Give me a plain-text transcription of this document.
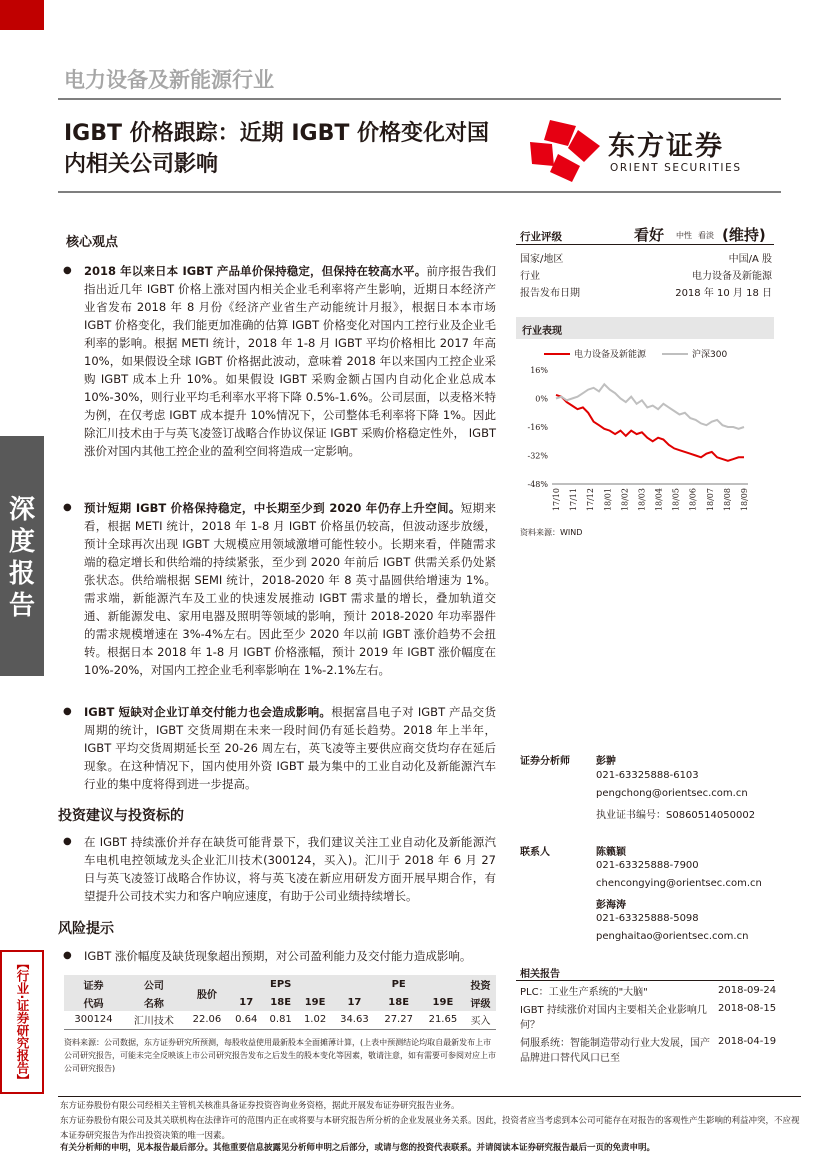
深度报告
【行业·证券研究报告】
电力设备及新能源行业
IGBT 价格跟踪：近期 IGBT 价格变化对国内相关公司影响
东方证券
ORIENT SECURITIES
核心观点
●	2018 年以来日本 IGBT 产品单价保持稳定，但保持在较高水平。前序报告我们指出近几年 IGBT 价格上涨对国内相关企业毛利率将产生影响，近期日本经济产业省发布 2018 年 8 月份《经济产业省生产动能统计月报》，根据日本本市场 IGBT 价格变化，我们能更加准确的估算 IGBT 价格变化对国内工控行业及企业毛利率的影响。根据 METI 统计，2018 年 1-8 月 IGBT 平均价格相比 2017 年高 10%，如果假设全球 IGBT 价格据此波动，意味着 2018 年以来国内工控企业采购 IGBT 成本上升 10%。如果假设 IGBT 采购金额占国内自动化企业总成本 10%-30%，则行业平均毛利率水平将下降 0.5%-1.6%。公司层面，以麦格米特为例，在仅考虑 IGBT 成本提升 10%情况下，公司整体毛利率将下降 1%。因此除汇川技术由于与英飞凌签订战略合作协议保证 IGBT 采购价格稳定性外， IGBT 涨价对国内其他工控企业的盈利空间将造成一定影响。
●	预计短期 IGBT 价格保持稳定，中长期至少到 2020 年仍存上升空间。短期来看，根据 METI 统计，2018 年 1-8 月 IGBT 价格虽仍较高，但波动逐步放缓，预计全球再次出现 IGBT 大规模应用领域激增可能性较小。长期来看，伴随需求端的稳定增长和供给端的持续紧张，至少到 2020 年前后 IGBT 供需关系仍处紧张状态。供给端根据 SEMI 统计，2018-2020 年 8 英寸晶圆供给增速为 1%。需求端，新能源汽车及工业的快速发展推动 IGBT 需求量的增长，叠加轨道交通、新能源发电、家用电器及照明等领域的影响，预计 2018-2020 年功率器件的需求规模增速在 3%-4%左右。因此至少 2020 年以前 IGBT 涨价趋势不会扭转。根据日本 2018 年 1-8 月 IGBT 价格涨幅，预计 2019 年 IGBT 涨价幅度在 10%-20%，对国内工控企业毛利率影响在 1%-2.1%左右。
●	IGBT 短缺对企业订单交付能力也会造成影响。根据富昌电子对 IGBT 产品交货周期的统计，IGBT 交货周期在未来一段时间仍有延长趋势。2018 年上半年，IGBT 平均交货周期延长至 20-26 周左右，英飞凌等主要供应商交货均存在延后现象。在这种情况下，国内使用外资 IGBT 最为集中的工业自动化及新能源汽车行业的集中度将得到进一步提高。
投资建议与投资标的
●	在 IGBT 持续涨价并存在缺货可能背景下，我们建议关注工业自动化及新能源汽车电机电控领域龙头企业汇川技术(300124，买入)。汇川于 2018 年 6 月 27 日与英飞凌签订战略合作协议，将与英飞凌在新应用研发方面开展早期合作，有望提升公司技术实力和客户响应速度，有助于公司业绩持续增长。
风险提示
●	IGBT 涨价幅度及缺货现象超出预期，对公司盈利能力及交付能力造成影响。
证券	公司	股价	EPS			PE			投资
代码	名称		17	18E	19E	17	18E	19E	评级
300124	汇川技术	22.06	0.64	0.81	1.02	34.63	27.27	21.65	买入
资料来源：公司数据，东方证券研究所预测，每股收益使用最新股本全面摊薄计算，(上表中预测结论均取自最新发布上市公司研究报告，可能未完全反映该上市公司研究报告发布之后发生的股本变化等因素，敬请注意，如有需要可参阅对应上市公司研究报告)
行业评级	看好 中性 看淡 (维持)
国家/地区	中国/A 股
行业	电力设备及新能源
报告发布日期	2018 年 10 月 18 日
行业表现
电力设备及新能源	沪深300
16%
0%
-16%
-32%
-48%
17/10 17/11 17/12 18/01 18/02 18/03 18/04 18/05 18/06 18/07 18/08 18/09
资料来源：WIND
证券分析师	彭翀
021-63325888-6103
pengchong@orientsec.com.cn
执业证书编号：S0860514050002
联系人	陈籁颖
021-63325888-7900
chencongying@orientsec.com.cn
彭海涛
021-63325888-5098
penghaitao@orientsec.com.cn
相关报告
PLC：工业生产系统的"大脑"	2018-09-24
IGBT 持续涨价对国内主要相关企业影响几何？
2018-08-15
伺服系统：智能制造带动行业大发展，国产品牌进口替代风口已至
2018-04-19
东方证券股份有限公司经相关主管机关核准具备证券投资咨询业务资格，据此开展发布证券研究报告业务。
东方证券股份有限公司及其关联机构在法律许可的范围内正在或将要与本研究报告所分析的企业发展业务关系。因此，投资者应当考虑到本公司可能存在对报告的客观性产生影响的利益冲突，不应视本证券研究报告为作出投资决策的唯一因素。
有关分析师的申明，见本报告最后部分。其他重要信息披露见分析师申明之后部分，或请与您的投资代表联系。并请阅读本证券研究报告最后一页的免责申明。
